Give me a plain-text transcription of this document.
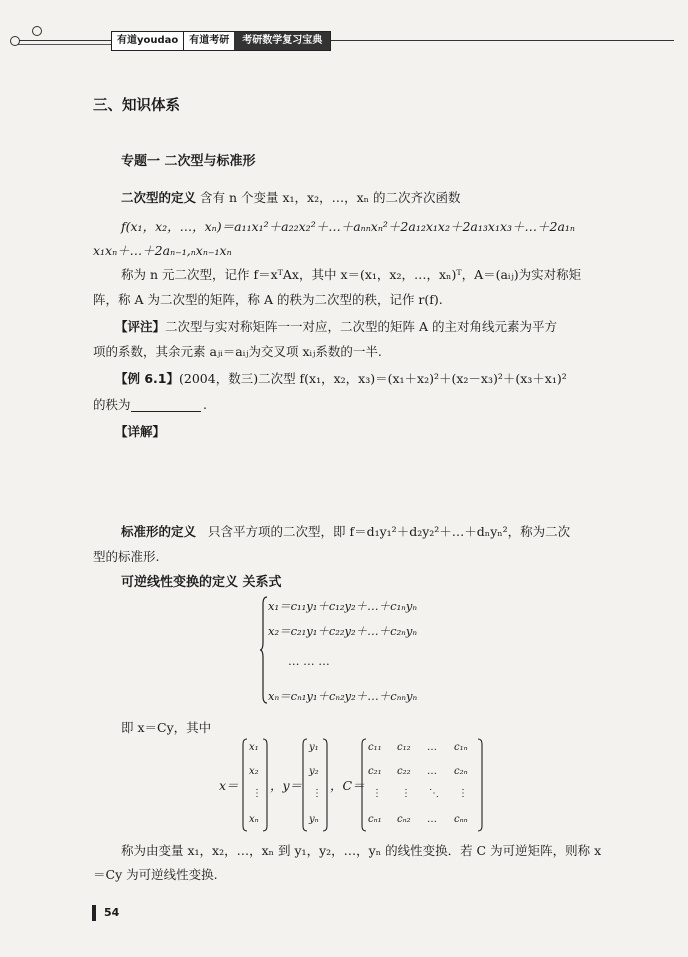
有道youdao	有道考研	考研数学复习宝典
三、知识体系
专题一 二次型与标准形
二次型的定义 含有 n 个变量 x₁，x₂，…，xₙ 的二次齐次函数
f(x₁，x₂，…，xₙ)＝a₁₁x₁²＋a₂₂x₂²＋…＋aₙₙxₙ²＋2a₁₂x₁x₂＋2a₁₃x₁x₃＋…＋2a₁ₙ
x₁xₙ＋…＋2aₙ₋₁,ₙxₙ₋₁xₙ
称为 n 元二次型，记作 f＝xᵀAx，其中 x＝(x₁，x₂，…，xₙ)ᵀ，A＝(aᵢⱼ)为实对称矩
阵，称 A 为二次型的矩阵，称 A 的秩为二次型的秩，记作 r(f).
【评注】二次型与实对称矩阵一一对应，二次型的矩阵 A 的主对角线元素为平方
项的系数，其余元素 aⱼᵢ＝aᵢⱼ为交叉项 xᵢⱼ系数的一半.
【例 6.1】(2004，数三)二次型 f(x₁，x₂，x₃)＝(x₁＋x₂)²＋(x₂－x₃)²＋(x₃＋x₁)²
的秩为	.
【详解】
标准形的定义 只含平方项的二次型，即 f＝d₁y₁²＋d₂y₂²＋…＋dₙyₙ²，称为二次
型的标准形.
可逆线性变换的定义 关系式
x₁＝c₁₁y₁＋c₁₂y₂＋…＋c₁ₙyₙ
x₂＝c₂₁y₁＋c₂₂y₂＋…＋c₂ₙyₙ
… … …
xₙ＝cₙ₁y₁＋cₙ₂y₂＋…＋cₙₙyₙ
即 x＝Cy，其中
x＝
x₁
x₂
⋮
xₙ
，y＝
y₁
y₂
⋮
yₙ
，C＝
c₁₁ c₁₂ … c₁ₙ
c₂₁ c₂₂ … c₂ₙ
⋮ ⋮ ⋱ ⋮
cₙ₁ cₙ₂ … cₙₙ
称为由变量 x₁，x₂，…，xₙ 到 y₁，y₂，…，yₙ 的线性变换．若 C 为可逆矩阵，则称 x
＝Cy 为可逆线性变换.
54
